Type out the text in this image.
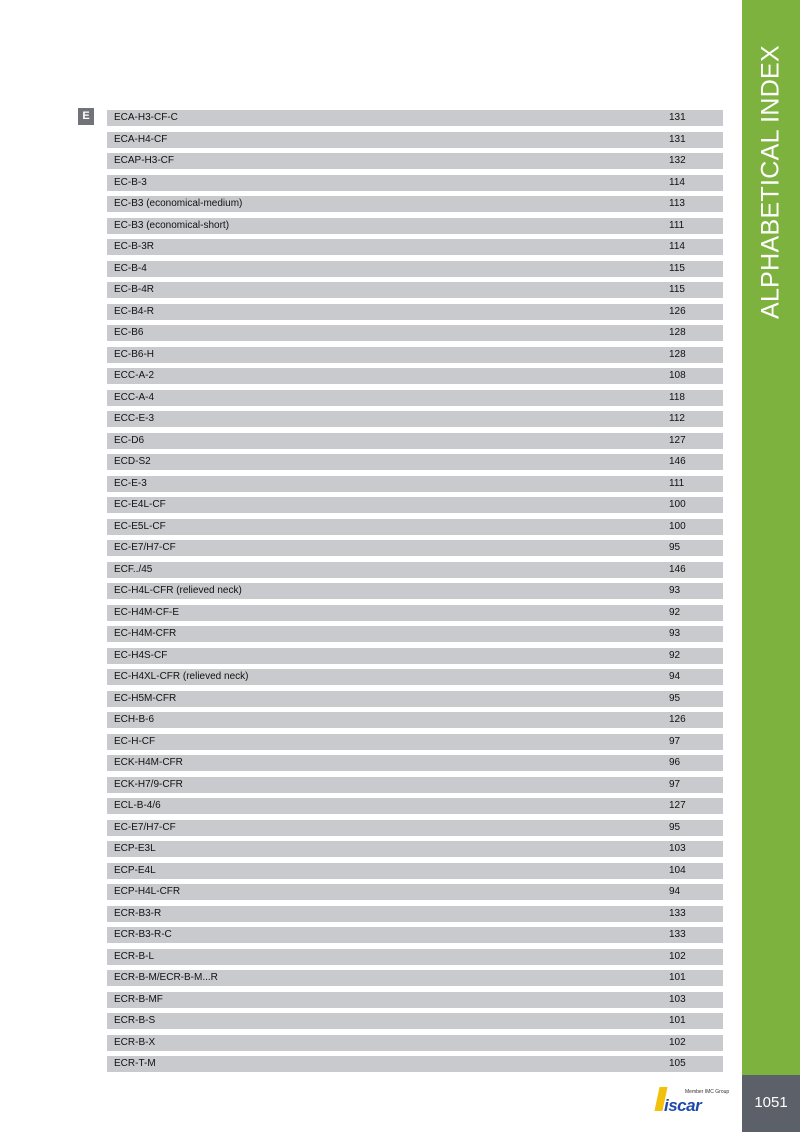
ALPHABETICAL INDEX
1051
E	ECA-H3-CF-C	131
ECA-H4-CF	131
ECAP-H3-CF	132
EC-B-3	114
EC-B3 (economical-medium)	113
EC-B3 (economical-short)	111
EC-B-3R	114
EC-B-4	115
EC-B-4R	115
EC-B4-R	126
EC-B6	128
EC-B6-H	128
ECC-A-2	108
ECC-A-4	118
ECC-E-3	112
EC-D6	127
ECD-S2	146
EC-E-3	111
EC-E4L-CF	100
EC-E5L-CF	100
EC-E7/H7-CF	95
ECF../45	146
EC-H4L-CFR (relieved neck)	93
EC-H4M-CF-E	92
EC-H4M-CFR	93
EC-H4S-CF	92
EC-H4XL-CFR (relieved neck)	94
EC-H5M-CFR	95
ECH-B-6	126
EC-H-CF	97
ECK-H4M-CFR	96
ECK-H7/9-CFR	97
ECL-B-4/6	127
EC-E7/H7-CF	95
ECP-E3L	103
ECP-E4L	104
ECP-H4L-CFR	94
ECR-B3-R	133
ECR-B3-R-C	133
ECR-B-L	102
ECR-B-M/ECR-B-M...R	101
ECR-B-MF	103
ECR-B-S	101
ECR-B-X	102
ECR-T-M	105
Member IMC Group
iscar
